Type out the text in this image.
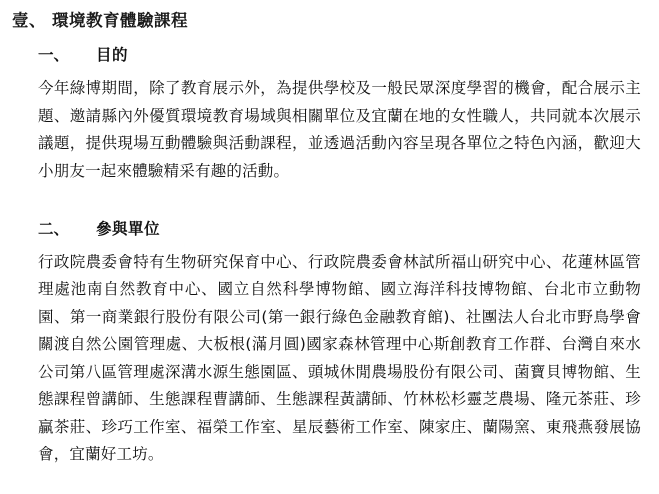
壹、 環境教育體驗課程
一、 目的

今年綠博期間，除了教育展示外，為提供學校及一般民眾深度學習的機會，配合展示主題、邀請縣內外優質環境教育場域與相關單位及宜蘭在地的女性職人，共同就本次展示議題，提供現場互動體驗與活動課程，並透過活動內容呈現各單位之特色內涵，歡迎大小朋友一起來體驗精采有趣的活動。

二、 參與單位

行政院農委會特有生物研究保育中心、行政院農委會林試所福山研究中心、花蓮林區管理處池南自然教育中心、國立自然科學博物館、國立海洋科技博物館、台北市立動物園、第一商業銀行股份有限公司(第一銀行綠色金融教育館)、社團法人台北市野鳥學會關渡自然公園管理處、大板根(滿月圓)國家森林管理中心斯創教育工作群、台灣自來水公司第八區管理處深溝水源生態園區、頭城休閒農場股份有限公司、菌寶貝博物館、生態課程曾講師、生態課程曹講師、生態課程黃講師、竹林松杉靈芝農場、隆元茶莊、珍贏茶莊、珍巧工作室、福榮工作室、星辰藝術工作室、陳家庄、蘭陽窯、東飛燕發展協會，宜蘭好工坊。
